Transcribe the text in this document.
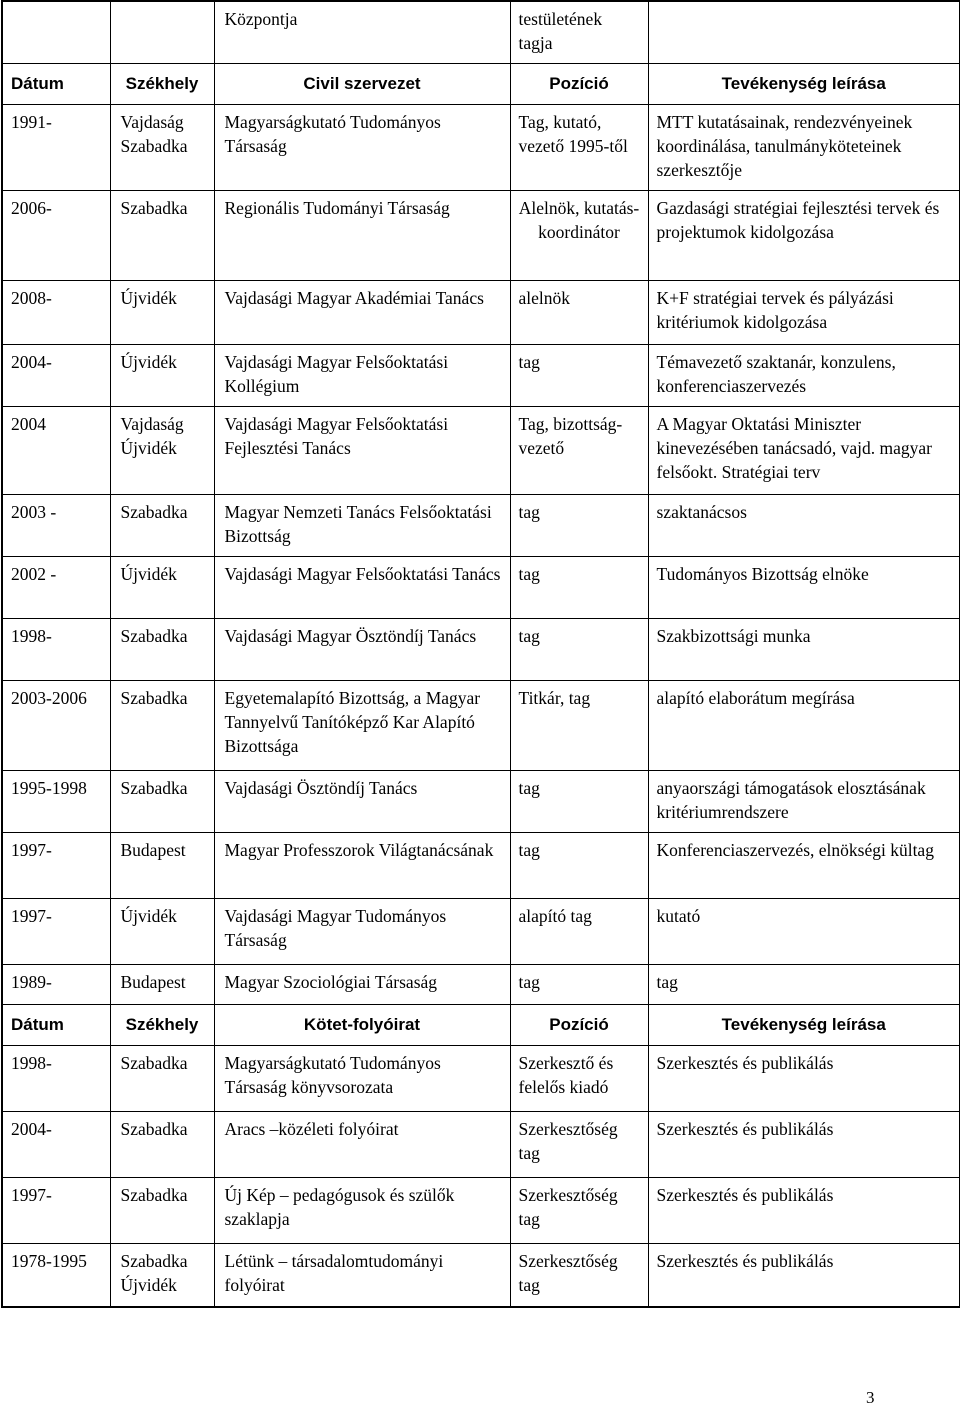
		Központja	testületének tagja	
Dátum	Székhely	Civil szervezet	Pozíció	Tevékenység leírása
1991-	Vajdaság Szabadka	Magyarságkutató Tudományos Társaság	Tag, kutató, vezető 1995-től	MTT kutatásainak, rendezvényeinek koordinálása, tanulmányköteteinek szerkesztője
2006-	Szabadka	Regionális Tudományi Társaság	Alelnök, kutatás-koordinátor	Gazdasági stratégiai fejlesztési tervek és projektumok kidolgozása
2008-	Újvidék	Vajdasági Magyar Akadémiai Tanács	alelnök	K+F stratégiai tervek és pályázási kritériumok kidolgozása
2004-	Újvidék	Vajdasági Magyar Felsőoktatási Kollégium	tag	Témavezető szaktanár, konzulens, konferenciaszervezés
2004	Vajdaság Újvidék	Vajdasági Magyar Felsőoktatási Fejlesztési Tanács	Tag, bizottság-vezető	A Magyar Oktatási Miniszter kinevezésében tanácsadó, vajd. magyar felsőokt. Stratégiai terv
2003 -	Szabadka	Magyar Nemzeti Tanács Felsőoktatási Bizottság	tag	szaktanácsos
2002 -	Újvidék	Vajdasági Magyar Felsőoktatási Tanács	tag	Tudományos Bizottság elnöke
1998-	Szabadka	Vajdasági Magyar Ösztöndíj Tanács	tag	Szakbizottsági munka
2003-2006	Szabadka	Egyetemalapító Bizottság, a Magyar Tannyelvű Tanítóképző Kar Alapító Bizottsága	Titkár, tag	alapító elaborátum megírása
1995-1998	Szabadka	Vajdasági Ösztöndíj Tanács	tag	anyaországi támogatások elosztásának kritériumrendszere
1997-	Budapest	Magyar Professzorok Világtanácsának	tag	Konferenciaszervezés, elnökségi kültag
1997-	Újvidék	Vajdasági Magyar Tudományos Társaság	alapító tag	kutató
1989-	Budapest	Magyar Szociológiai Társaság	tag	tag
Dátum	Székhely	Kötet-folyóirat	Pozíció	Tevékenység leírása
1998-	Szabadka	Magyarságkutató Tudományos Társaság könyvsorozata	Szerkesztő és felelős kiadó	Szerkesztés és publikálás
2004-	Szabadka	Aracs –közéleti folyóirat	Szerkesztőség tag	Szerkesztés és publikálás
1997-	Szabadka	Új Kép – pedagógusok és szülők szaklapja	Szerkesztőség tag	Szerkesztés és publikálás
1978-1995	Szabadka Újvidék	Létünk – társadalomtudományi folyóirat	Szerkesztőség tag	Szerkesztés és publikálás
3
